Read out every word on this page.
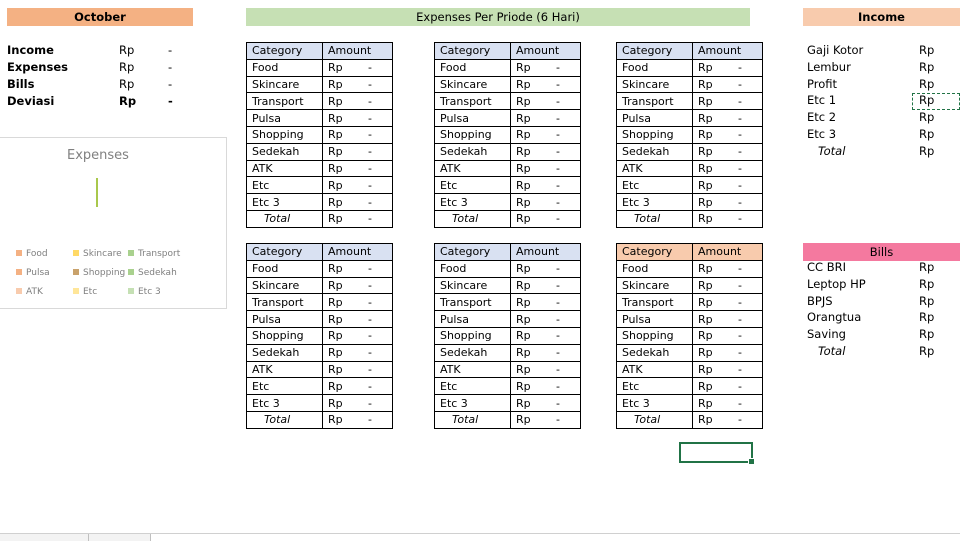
October	Expenses Per Priode (6 Hari)	Income
Bills
Income	Rp	-
Expenses	Rp	-
Bills	Rp	-
Deviasi	Rp	-
Expenses
Food	Skincare	Transport
Pulsa	Shopping	Sedekah
ATK	Etc	Etc 3
Category	Amount
Food	Rp -

Skincare	Rp -

Transport	Rp -

Pulsa	Rp -

Shopping	Rp -

Sedekah	Rp -

ATK	Rp -

Etc	Rp -

Etc 3	Rp -

Total	Rp -
Category	Amount
Food	Rp -

Skincare	Rp -

Transport	Rp -

Pulsa	Rp -

Shopping	Rp -

Sedekah	Rp -

ATK	Rp -

Etc	Rp -

Etc 3	Rp -

Total	Rp -
Category	Amount
Food	Rp -

Skincare	Rp -

Transport	Rp -

Pulsa	Rp -

Shopping	Rp -

Sedekah	Rp -

ATK	Rp -

Etc	Rp -

Etc 3	Rp -

Total	Rp -
Category	Amount
Food	Rp -

Skincare	Rp -

Transport	Rp -

Pulsa	Rp -

Shopping	Rp -

Sedekah	Rp -

ATK	Rp -

Etc	Rp -

Etc 3	Rp -

Total	Rp -
Category	Amount
Food	Rp -

Skincare	Rp -

Transport	Rp -

Pulsa	Rp -

Shopping	Rp -

Sedekah	Rp -

ATK	Rp -

Etc	Rp -

Etc 3	Rp -

Total	Rp -
Category	Amount
Food	Rp -

Skincare	Rp -

Transport	Rp -

Pulsa	Rp -

Shopping	Rp -

Sedekah	Rp -

ATK	Rp -

Etc	Rp -

Etc 3	Rp -

Total	Rp -
Gaji Kotor	Rp
Lembur	Rp
Profit	Rp
Etc 1	Rp
Etc 2	Rp
Etc 3	Rp
Total	Rp
CC BRI	Rp
Leptop HP	Rp
BPJS	Rp
Orangtua	Rp
Saving	Rp
Total	Rp
